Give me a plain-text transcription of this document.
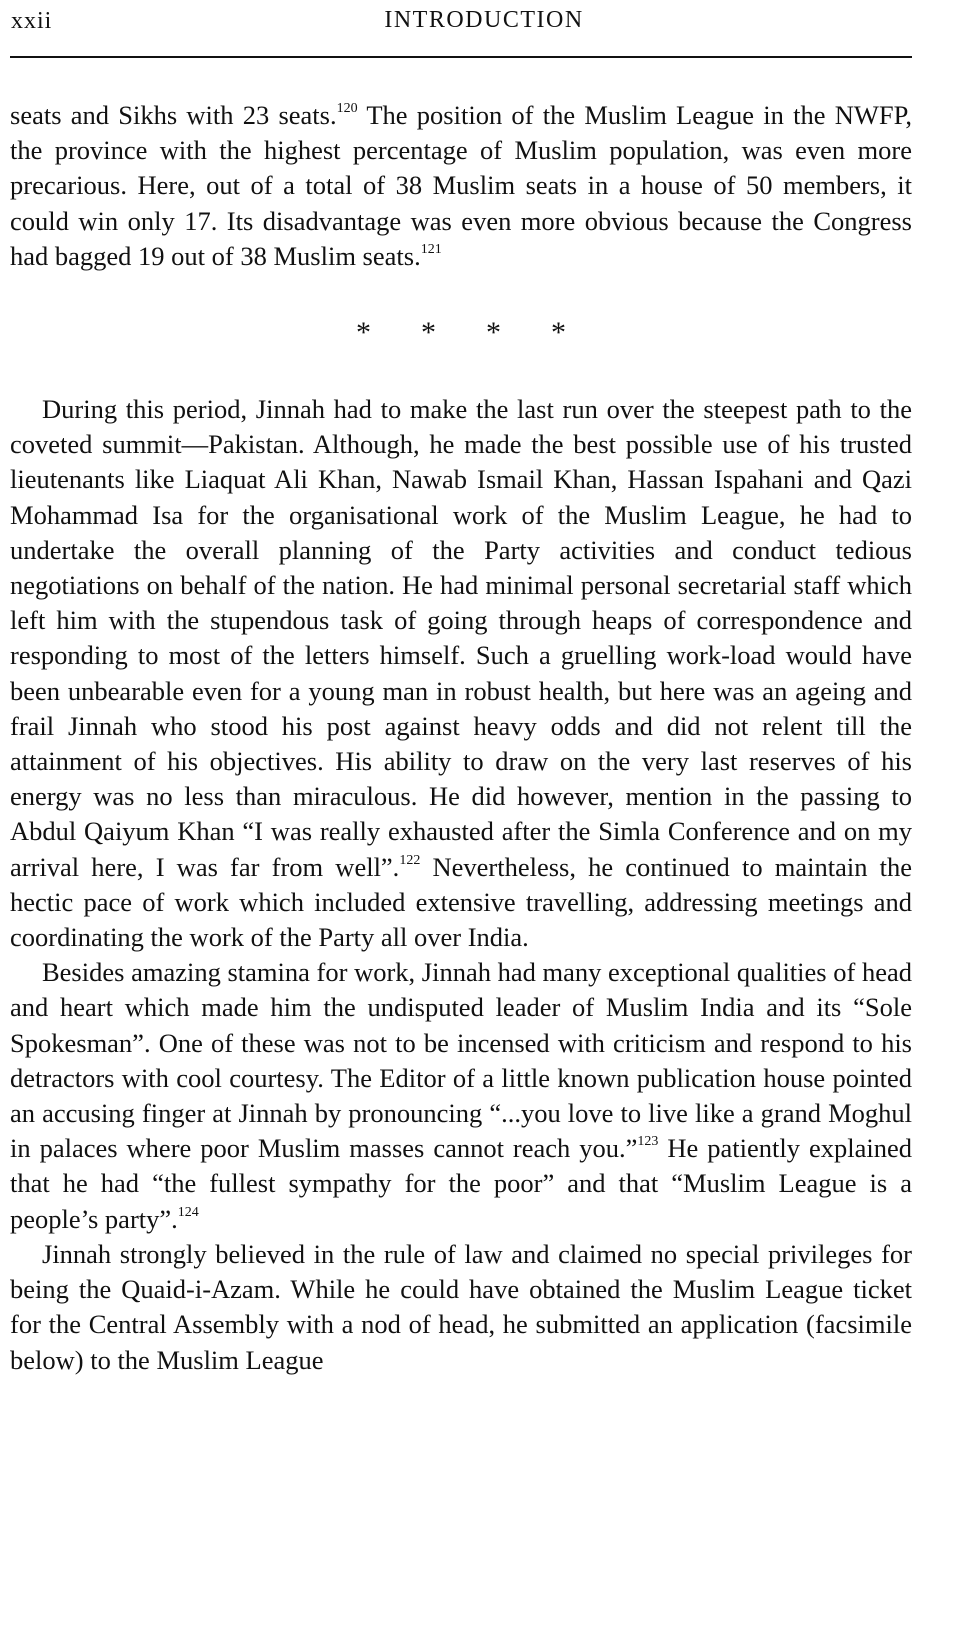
xxii	INTRODUCTION

seats and Sikhs with 23 seats.$^{120}$ The position of the Muslim League in the NWFP, the province with the highest percentage of Muslim population, was even more precarious. Here, out of a total of 38 Muslim seats in a house of 50 members, it could win only 17. Its disadvantage was even more obvious because the Congress had bagged 19 out of 38 Muslim seats.$^{121}$

* * * *

During this period, Jinnah had to make the last run over the steepest path to the coveted summit—Pakistan. Although, he made the best possible use of his trusted lieutenants like Liaquat Ali Khan, Nawab Ismail Khan, Hassan Ispahani and Qazi Mohammad Isa for the organisational work of the Muslim League, he had to undertake the overall planning of the Party activities and conduct tedious negotiations on behalf of the nation. He had minimal personal secretarial staff which left him with the stupendous task of going through heaps of correspondence and responding to most of the letters himself. Such a gruelling work-load would have been unbearable even for a young man in robust health, but here was an ageing and frail Jinnah who stood his post against heavy odds and did not relent till the attainment of his objectives. His ability to draw on the very last reserves of his energy was no less than miraculous. He did however, mention in the passing to Abdul Qaiyum Khan “I was really exhausted after the Simla Conference and on my arrival here, I was far from well”.$^{122}$ Nevertheless, he continued to maintain the hectic pace of work which included extensive travelling, addressing meetings and coordinating the work of the Party all over India.

Besides amazing stamina for work, Jinnah had many exceptional qualities of head and heart which made him the undisputed leader of Muslim India and its “Sole Spokesman”. One of these was not to be incensed with criticism and respond to his detractors with cool courtesy. The Editor of a little known publication house pointed an accusing finger at Jinnah by pronouncing “...you love to live like a grand Moghul in palaces where poor Muslim masses cannot reach you.”$^{123}$ He patiently explained that he had “the fullest sympathy for the poor” and that “Muslim League is a people’s party”.$^{124}$

Jinnah strongly believed in the rule of law and claimed no special privileges for being the Quaid-i-Azam. While he could have obtained the Muslim League ticket for the Central Assembly with a nod of head, he submitted an application (facsimile below) to the Muslim League
